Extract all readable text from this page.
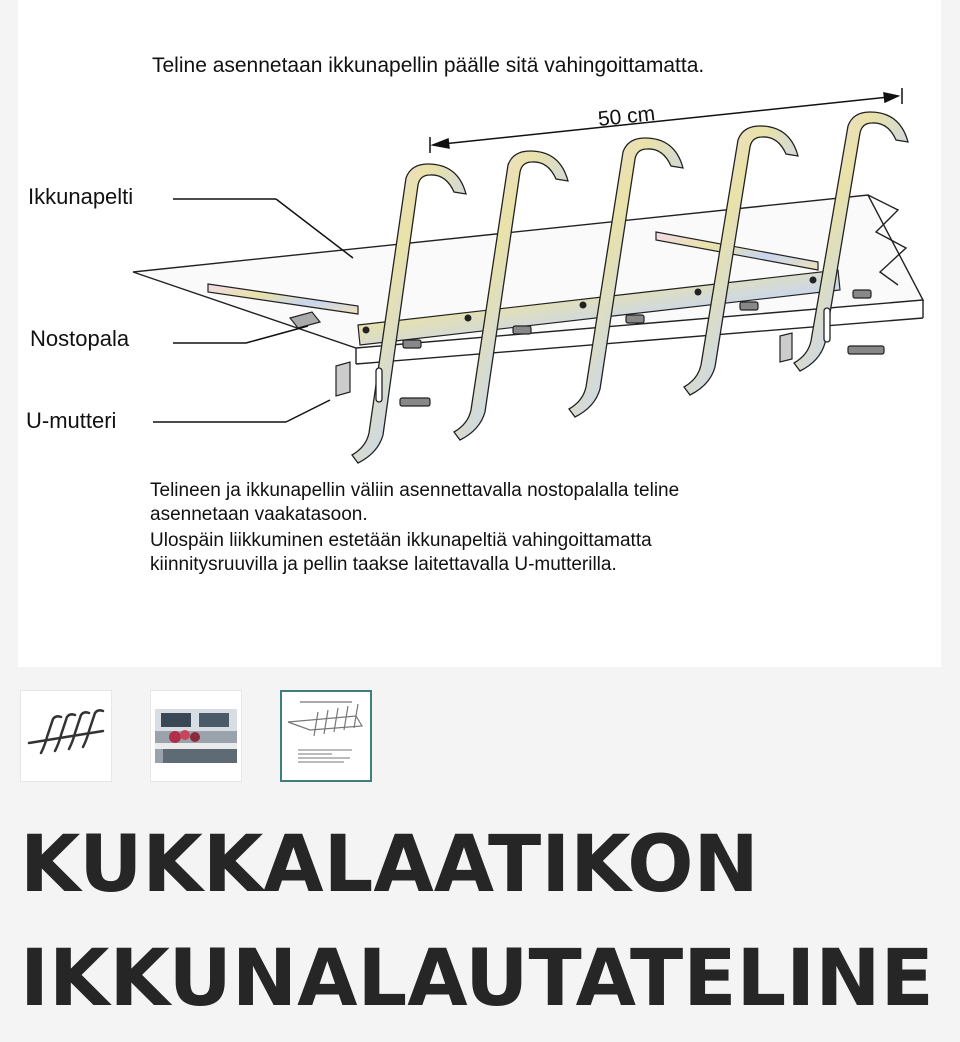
Teline asennetaan ikkunapellin päälle sitä vahingoittamatta.
50 cm
Ikkunapelti
Nostopala
U-mutteri
Telineen ja ikkunapellin väliin asennettavalla nostopalalla teline
asennetaan vaakatasoon.
Ulospäin liikkuminen estetään ikkunapeltiä vahingoittamatta
kiinnitysruuvilla ja pellin taakse laitettavalla U-mutterilla.
KUKKALAATIKON
IKKUNALAUTATELINE
